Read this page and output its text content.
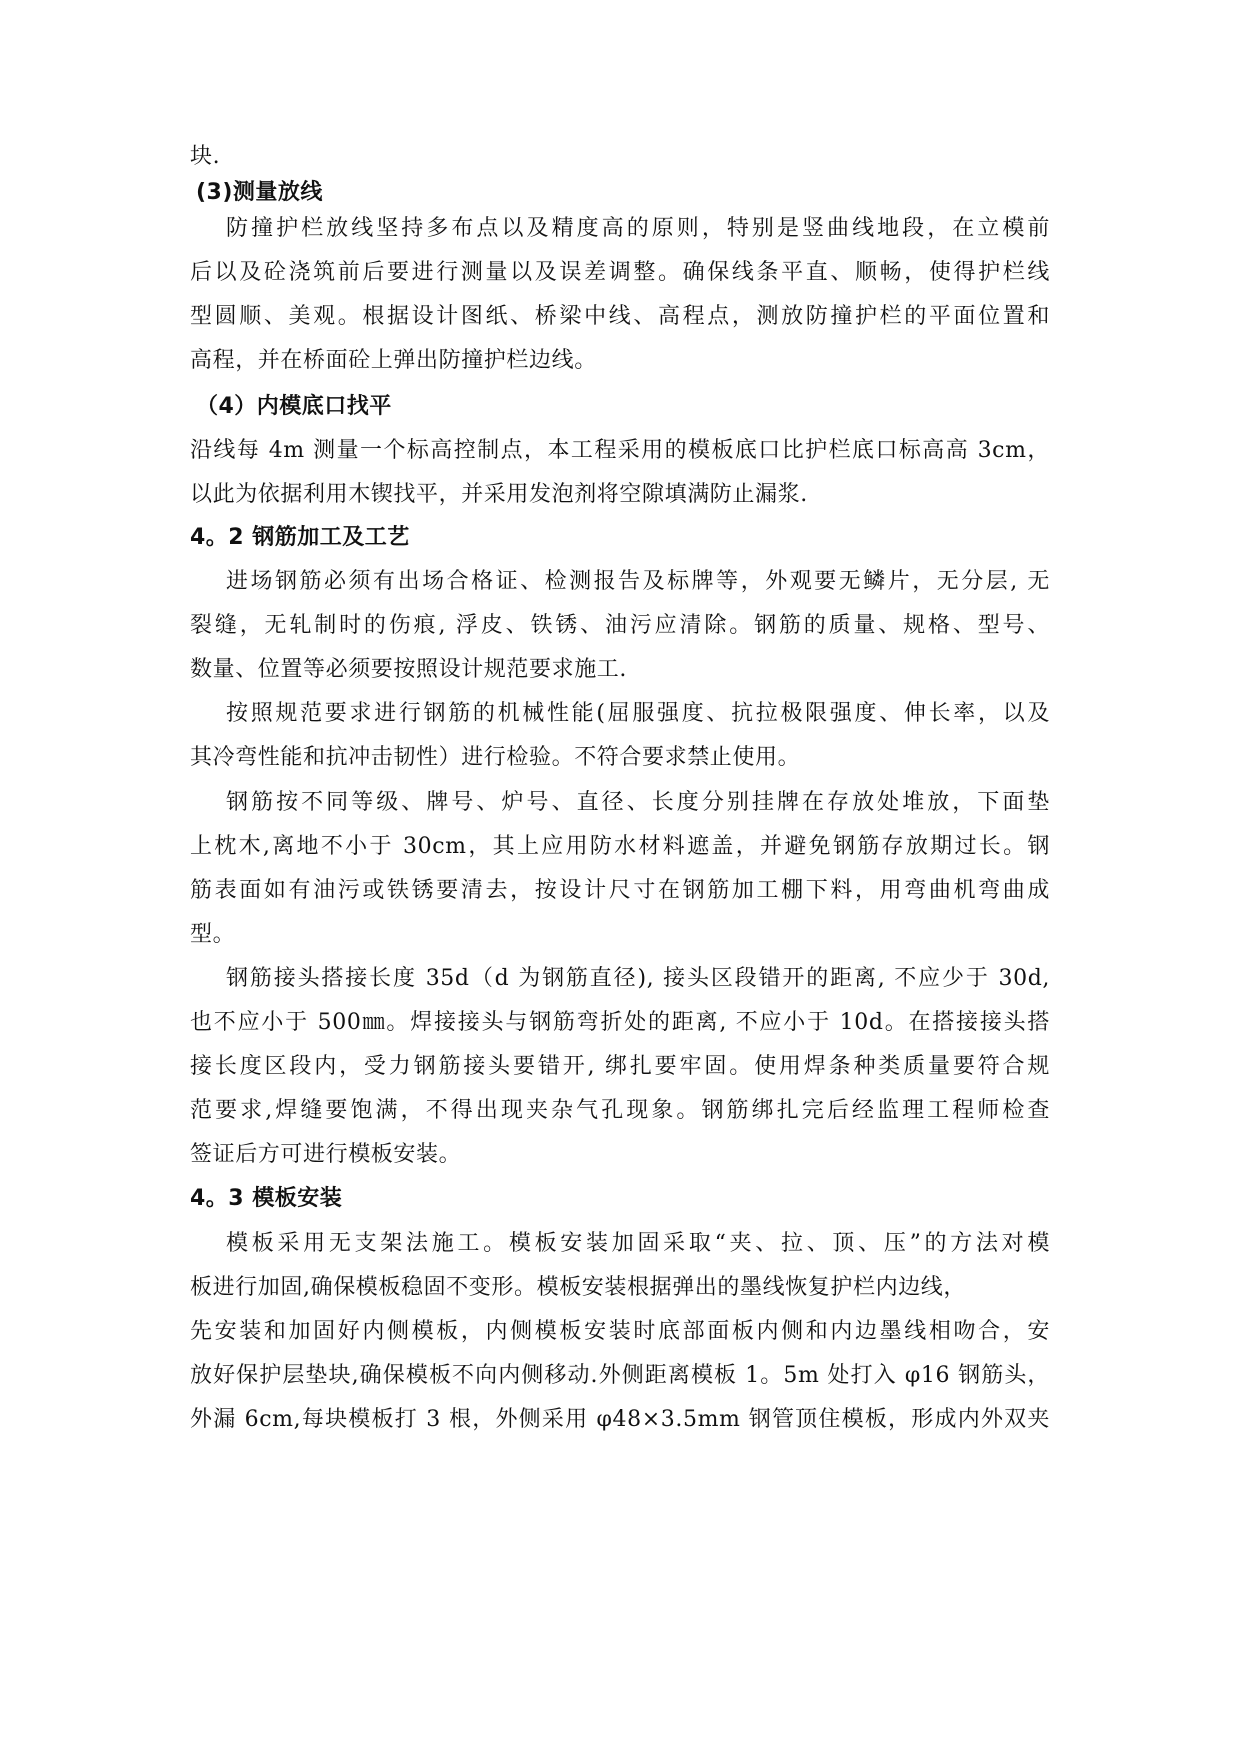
块.
(3)测量放线
防撞护栏放线坚持多布点以及精度高的原则，特别是竖曲线地段，在立模前
后以及砼浇筑前后要进行测量以及误差调整。确保线条平直、顺畅，使得护栏线
型圆顺、美观。根据设计图纸、桥梁中线、高程点，测放防撞护栏的平面位置和
高程，并在桥面砼上弹出防撞护栏边线。
（4）内模底口找平
沿线每 4m 测量一个标高控制点，本工程采用的模板底口比护栏底口标高高 3cm，
以此为依据利用木锲找平，并采用发泡剂将空隙填满防止漏浆.
4。2 钢筋加工及工艺
进场钢筋必须有出场合格证、检测报告及标牌等，外观要无鳞片，无分层, 无
裂缝，无轧制时的伤痕, 浮皮、铁锈、油污应清除。钢筋的质量、规格、型号、
数量、位置等必须要按照设计规范要求施工.
按照规范要求进行钢筋的机械性能(屈服强度、抗拉极限强度、伸长率，以及
其冷弯性能和抗冲击韧性）进行检验。不符合要求禁止使用。
钢筋按不同等级、牌号、炉号、直径、长度分别挂牌在存放处堆放，下面垫
上枕木,离地不小于 30cm，其上应用防水材料遮盖，并避免钢筋存放期过长。钢
筋表面如有油污或铁锈要清去，按设计尺寸在钢筋加工棚下料，用弯曲机弯曲成
型。
钢筋接头搭接长度 35d（d 为钢筋直径), 接头区段错开的距离, 不应少于 30d,
也不应小于 500㎜。焊接接头与钢筋弯折处的距离, 不应小于 10d。在搭接接头搭
接长度区段内，受力钢筋接头要错开, 绑扎要牢固。使用焊条种类质量要符合规
范要求,焊缝要饱满，不得出现夹杂气孔现象。钢筋绑扎完后经监理工程师检查
签证后方可进行模板安装。
4。3 模板安装
模板采用无支架法施工。模板安装加固采取“夹、拉、顶、压”的方法对模
板进行加固,确保模板稳固不变形。模板安装根据弹出的墨线恢复护栏内边线，
先安装和加固好内侧模板，内侧模板安装时底部面板内侧和内边墨线相吻合，安
放好保护层垫块,确保模板不向内侧移动.外侧距离模板 1。5m 处打入 φ16 钢筋头，
外漏 6cm,每块模板打 3 根，外侧采用 φ48×3.5mm 钢管顶住模板，形成内外双夹
